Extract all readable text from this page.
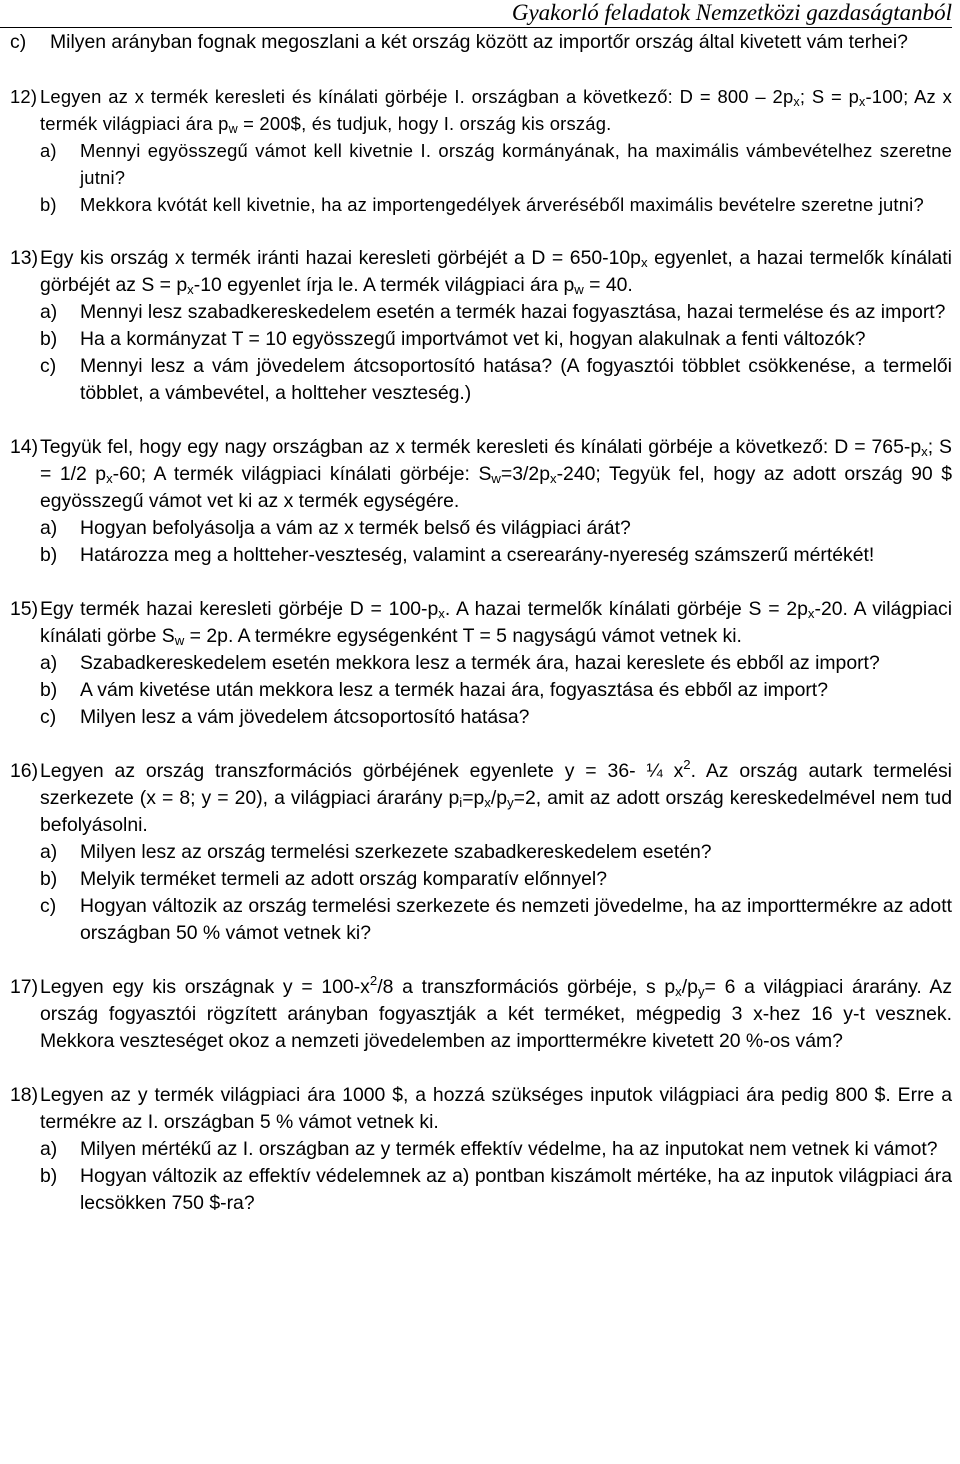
Gyakorló feladatok Nemzetközi gazdaságtanból
c)	Milyen arányban fognak megoszlani a két ország között az importőr ország által kivetett vám terhei?
12) Legyen az x termék keresleti és kínálati görbéje I. országban a következő: $D = 800 - 2p_x$; $S = p_x-100$; Az x termék világpiaci ára $p_w$ = 200$, és tudjuk, hogy I. ország kis ország.
a)	Mennyi egyösszegű vámot kell kivetnie I. ország kormányának, ha maximális vámbevételhez szeretne jutni?
b)	Mekkora kvótát kell kivetnie, ha az importengedélyek árveréséből maximális bevételre szeretne jutni?
13) Egy kis ország x termék iránti hazai keresleti görbéjét a $D = 650-10p_x$ egyenlet, a hazai termelők kínálati görbéjét az $S = p_x-10$ egyenlet írja le. A termék világpiaci ára $p_w = 40$.
a)	Mennyi lesz szabadkereskedelem esetén a termék hazai fogyasztása, hazai termelése és az import?
b)	Ha a kormányzat T = 10 egyösszegű importvámot vet ki, hogyan alakulnak a fenti változók?
c)	Mennyi lesz a vám jövedelem átcsoportosító hatása? (A fogyasztói többlet csökkenése, a termelői többlet, a vámbevétel, a holtteher veszteség.)
14) Tegyük fel, hogy egy nagy országban az x termék keresleti és kínálati görbéje a következő: $D = 765-p_x$; S = 1/2 $p_x-60$; A termék világpiaci kínálati görbéje: $S_w=3/2p_x-240$; Tegyük fel, hogy az adott ország 90 $ egyösszegű vámot vet ki az x termék egységére.
a)	Hogyan befolyásolja a vám az x termék belső és világpiaci árát?
b)	Határozza meg a holtteher-veszteség, valamint a cserearány-nyereség számszerű mértékét!
15) Egy termék hazai keresleti görbéje $D = 100-p_x$. A hazai termelők kínálati görbéje $S = 2p_x-20$. A világpiaci kínálati görbe $S_w = 2p$. A termékre egységenként T = 5 nagyságú vámot vetnek ki.
a)	Szabadkereskedelem esetén mekkora lesz a termék ára, hazai kereslete és ebből az import?
b)	A vám kivetése után mekkora lesz a termék hazai ára, fogyasztása és ebből az import?
c)	Milyen lesz a vám jövedelem átcsoportosító hatása?
16) Legyen az ország transzformációs görbéjének egyenlete y = 36- ¼ $x^2$. Az ország autark termelési szerkezete (x = 8; y = 20), a világpiaci árarány $p_i=p_x/p_y=2$, amit az adott ország kereskedelmével nem tud befolyásolni.
a)	Milyen lesz az ország termelési szerkezete szabadkereskedelem esetén?
b)	Melyik terméket termeli az adott ország komparatív előnnyel?
c)	Hogyan változik az ország termelési szerkezete és nemzeti jövedelme, ha az importtermékre az adott országban 50 % vámot vetnek ki?
17) Legyen egy kis országnak $y = 100-x^2/8$ a transzformációs görbéje, s $p_x/p_y= 6$ a világpiaci árarány. Az ország fogyasztói rögzített arányban fogyasztják a két terméket, mégpedig 3 x-hez 16 y-t vesznek. Mekkora veszteséget okoz a nemzeti jövedelemben az importtermékre kivetett 20 %-os vám?
18) Legyen az y termék világpiaci ára 1000 $, a hozzá szükséges inputok világpiaci ára pedig 800 $. Erre a termékre az I. országban 5 % vámot vetnek ki.
a)	Milyen mértékű az I. országban az y termék effektív védelme, ha az inputokat nem vetnek ki vámot?
b)	Hogyan változik az effektív védelemnek az a) pontban kiszámolt mértéke, ha az inputok világpiaci ára lecsökken 750 $-ra?
